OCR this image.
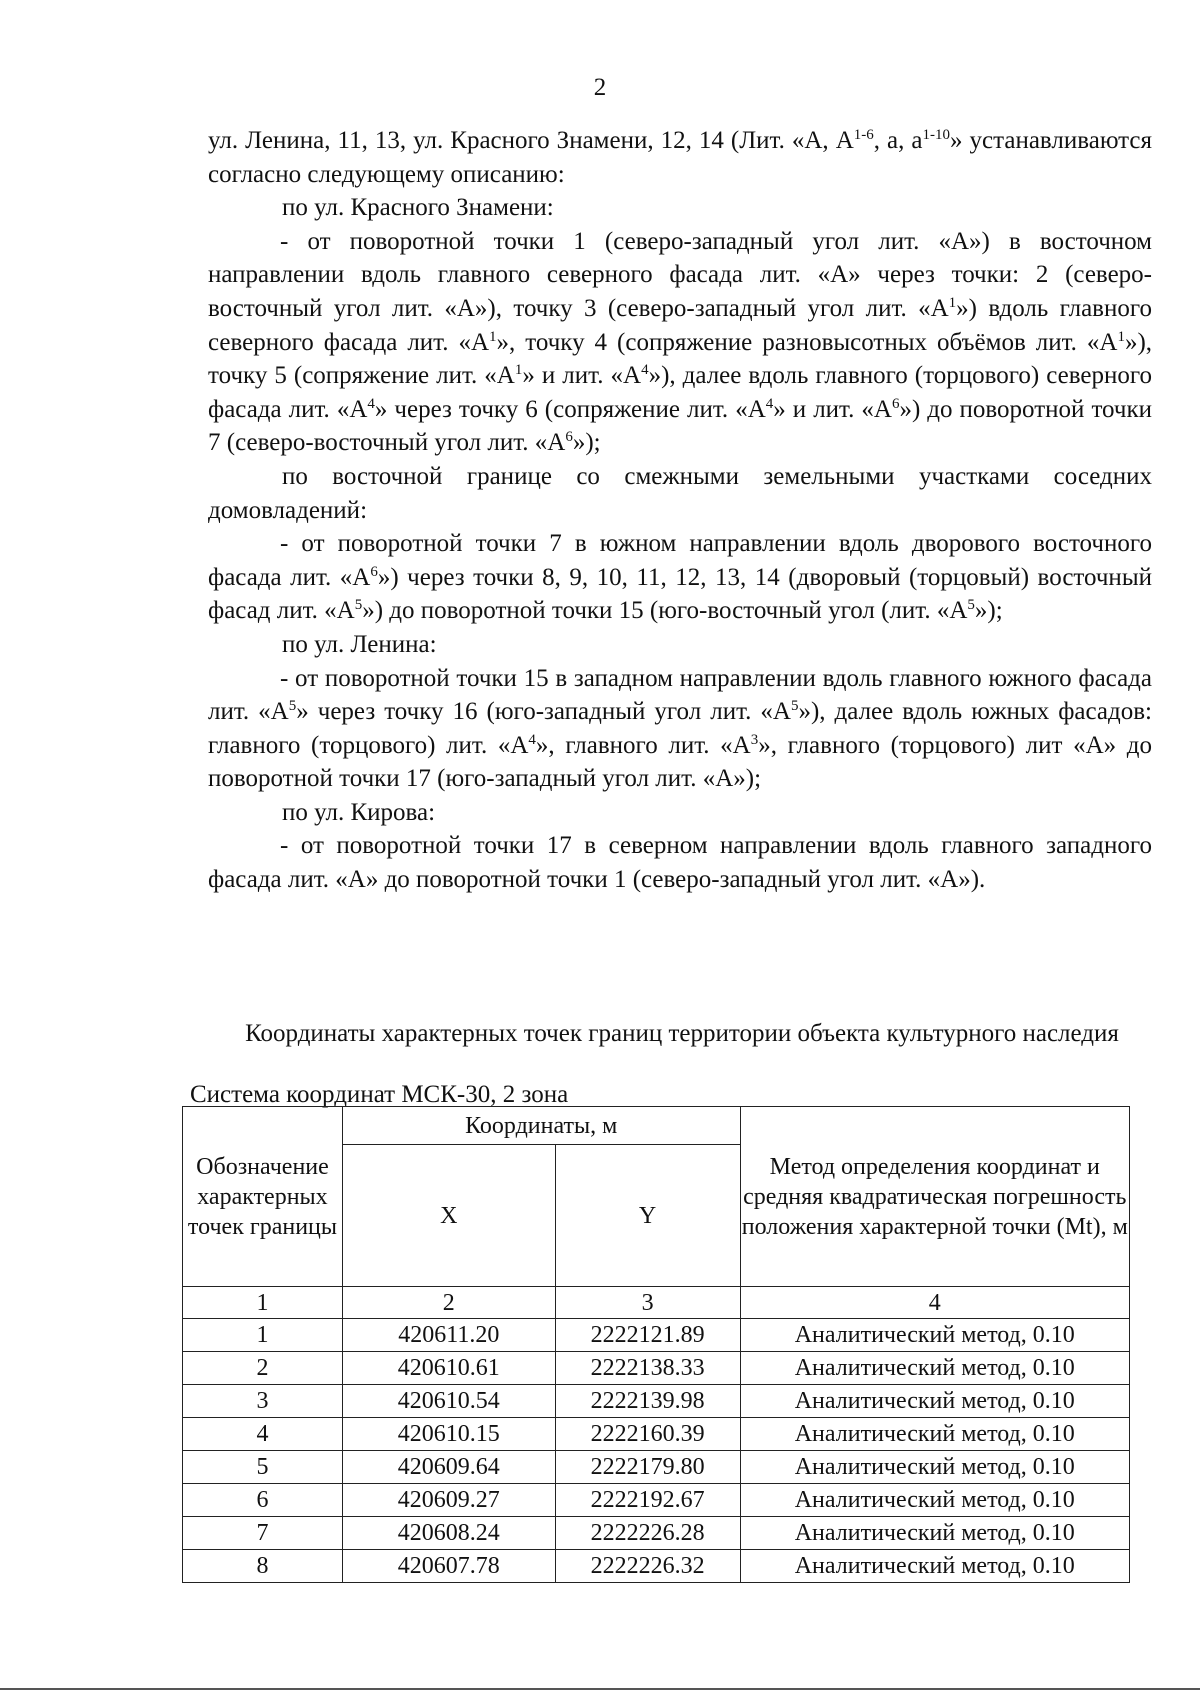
2

ул. Ленина, 11, 13, ул. Красного Знамени, 12, 14 (Лит. «А, $А^{1-6}$, а, $а^{1-10}$» устанавливаются согласно следующему описанию:

по ул. Красного Знамени:

- от поворотной точки 1 (северо-западный угол лит. «А») в восточном направлении вдоль главного северного фасада лит. «А» через точки: 2 (северо-восточный угол лит. «А»), точку 3 (северо-западный угол лит. «$А^1$») вдоль главного северного фасада лит. «$А^1$», точку 4 (сопряжение разновысотных объёмов лит. «$А^1$»), точку 5 (сопряжение лит. «$А^1$» и лит. «$А^4$»), далее вдоль главного (торцового) северного фасада лит. «$А^4$» через точку 6 (сопряжение лит. «$А^4$» и лит. «$А^6$») до поворотной точки 7 (северо-восточный угол лит. «$А^6$»);

по восточной границе со смежными земельными участками соседних домовладений:

- от поворотной точки 7 в южном направлении вдоль дворового восточного фасада лит. «$А^6$») через точки 8, 9, 10, 11, 12, 13, 14 (дворовый (торцовый) восточный фасад лит. «$А^5$») до поворотной точки 15 (юго-восточный угол (лит. «$А^5$»);

по ул. Ленина:

- от поворотной точки 15 в западном направлении вдоль главного южного фасада лит. «$А^5$» через точку 16 (юго-западный угол лит. «$А^5$»), далее вдоль южных фасадов: главного (торцового) лит. «$А^4$», главного лит. «$А^3$», главного (торцового) лит «А» до поворотной точки 17 (юго-западный угол лит. «А»);

по ул. Кирова:

- от поворотной точки 17 в северном направлении вдоль главного западного фасада лит. «А» до поворотной точки 1 (северо-западный угол лит. «А»).

Координаты характерных точек границ территории объекта культурного наследия
Система координат МСК-30, 2 зона
Обозначение характерных точек границы	Координаты, м		Метод определения координат и средняя квадратическая погрешность положения характерной точки (Mt), м
	X	Y	
1	2	3	4
1	420611.20	2222121.89	Аналитический метод, 0.10
2	420610.61	2222138.33	Аналитический метод, 0.10
3	420610.54	2222139.98	Аналитический метод, 0.10
4	420610.15	2222160.39	Аналитический метод, 0.10
5	420609.64	2222179.80	Аналитический метод, 0.10
6	420609.27	2222192.67	Аналитический метод, 0.10
7	420608.24	2222226.28	Аналитический метод, 0.10
8	420607.78	2222226.32	Аналитический метод, 0.10
